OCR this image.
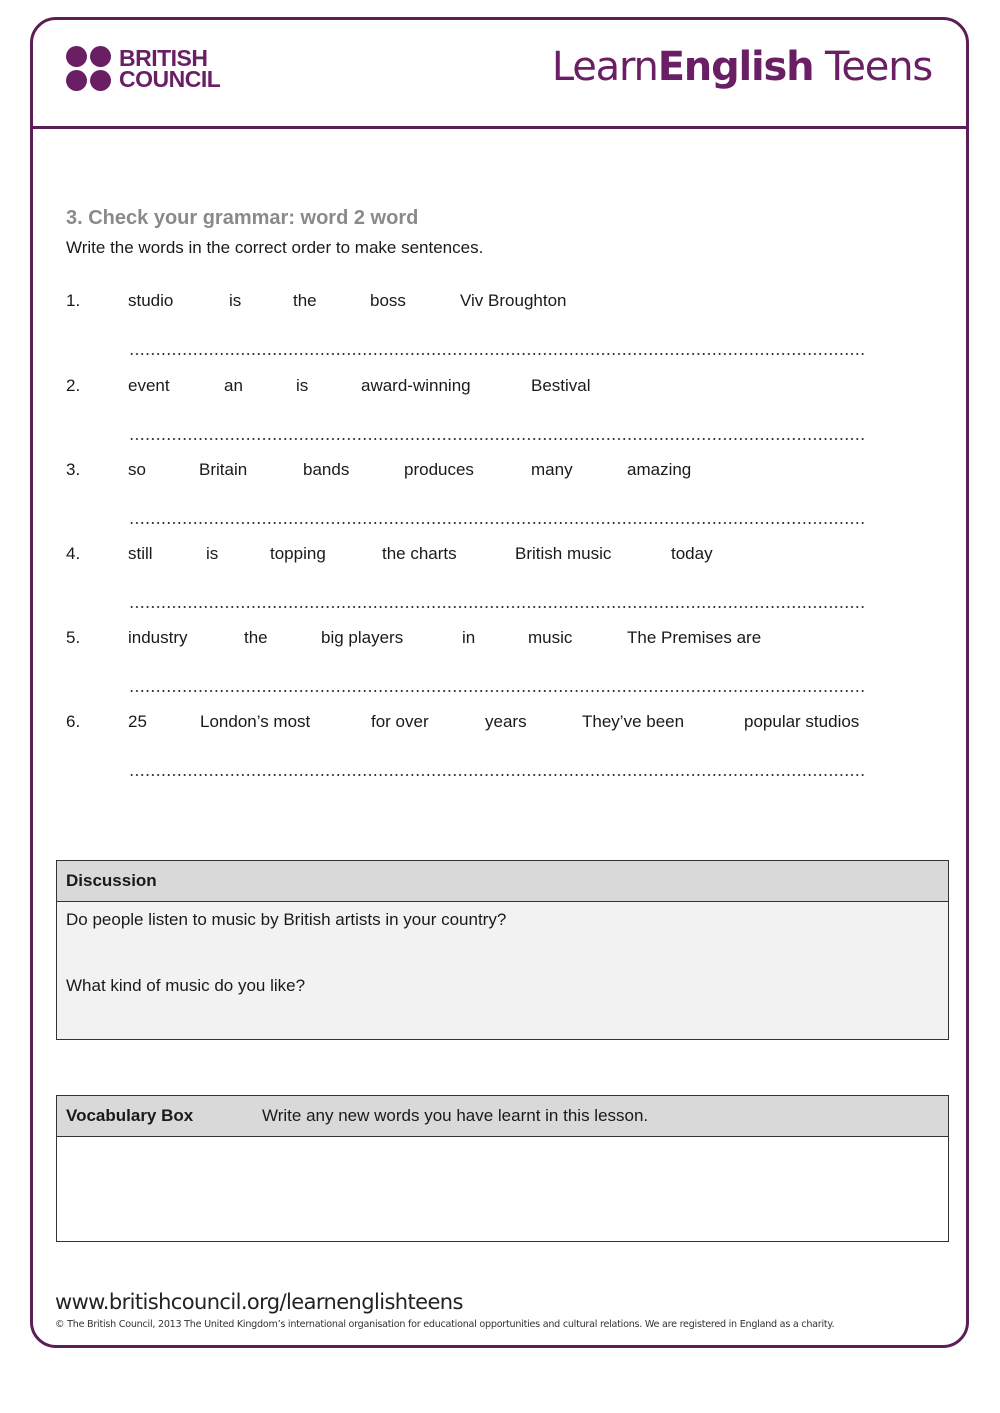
BRITISH
COUNCIL	LearnEnglish Teens
3. Check your grammar: word 2 word
Write the words in the correct order to make sentences.
1.	studio	is	the	boss	Viv Broughton
2.	event	an	is	award-winning	Bestival
3.	so	Britain	bands	produces	many	amazing
4.	still	is	topping	the charts	British music	today
5.	industry	the	big players	in	music	The Premises are
6.	25	London’s most	for over	years	They’ve been	popular studios
Discussion
Do people listen to music by British artists in your country?
What kind of music do you like?
Vocabulary Box	Write any new words you have learnt in this lesson.
www.britishcouncil.org/learnenglishteens
© The British Council, 2013 The United Kingdom’s international organisation for educational opportunities and cultural relations. We are registered in England as a charity.
